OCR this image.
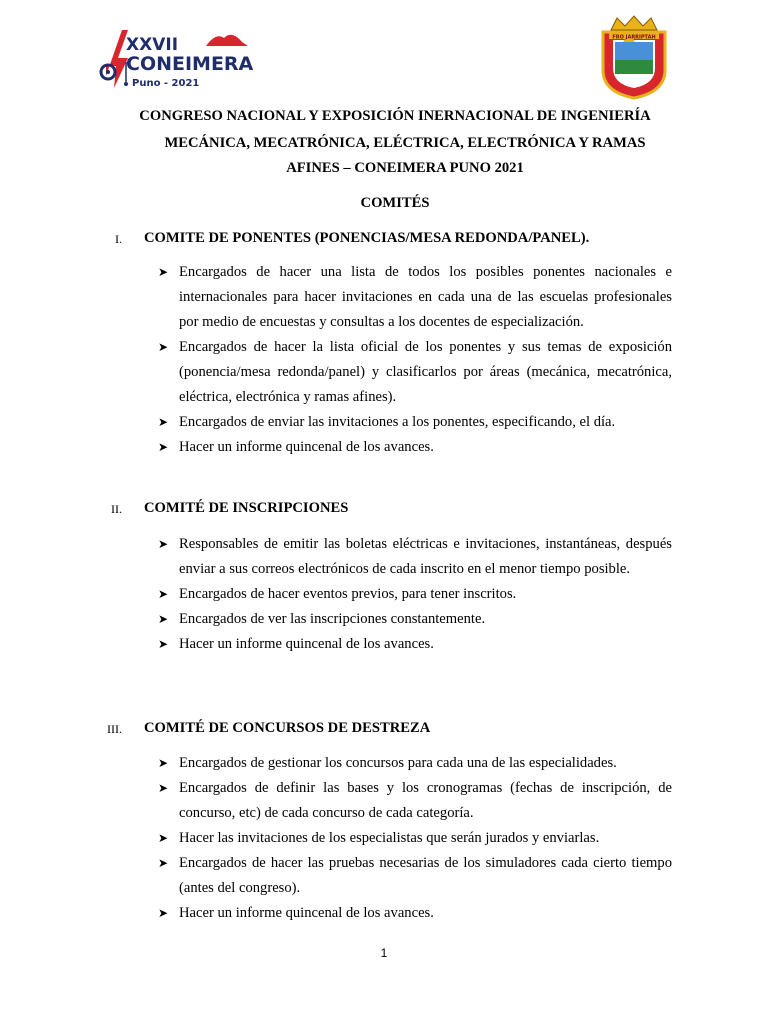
XXVII
CONEIMERA
Puno - 2021
FRO JARRIPTAH
CONGRESO NACIONAL Y EXPOSICIÓN INERNACIONAL DE INGENIERÍA
MECÁNICA, MECATRÓNICA, ELÉCTRICA, ELECTRÓNICA Y RAMAS
AFINES – CONEIMERA PUNO 2021
COMITÉS
I. COMITE DE PONENTES (PONENCIAS/MESA REDONDA/PANEL).
➤ Encargados de hacer una lista de todos los posibles ponentes nacionales e internacionales para hacer invitaciones en cada una de las escuelas profesionales por medio de encuestas y consultas a los docentes de especialización.
➤ Encargados de hacer la lista oficial de los ponentes y sus temas de exposición (ponencia/mesa redonda/panel) y clasificarlos por áreas (mecánica, mecatrónica, eléctrica, electrónica y ramas afines).
➤ Encargados de enviar las invitaciones a los ponentes, especificando, el día.
➤ Hacer un informe quincenal de los avances.
II. COMITÉ DE INSCRIPCIONES
➤ Responsables de emitir las boletas eléctricas e invitaciones, instantáneas, después enviar a sus correos electrónicos de cada inscrito en el menor tiempo posible.
➤ Encargados de hacer eventos previos, para tener inscritos.
➤ Encargados de ver las inscripciones constantemente.
➤ Hacer un informe quincenal de los avances.
III. COMITÉ DE CONCURSOS DE DESTREZA
➤ Encargados de gestionar los concursos para cada una de las especialidades.
➤ Encargados de definir las bases y los cronogramas (fechas de inscripción, de concurso, etc) de cada concurso de cada categoría.
➤ Hacer las invitaciones de los especialistas que serán jurados y enviarlas.
➤ Encargados de hacer las pruebas necesarias de los simuladores cada cierto tiempo (antes del congreso).
➤ Hacer un informe quincenal de los avances.
1
